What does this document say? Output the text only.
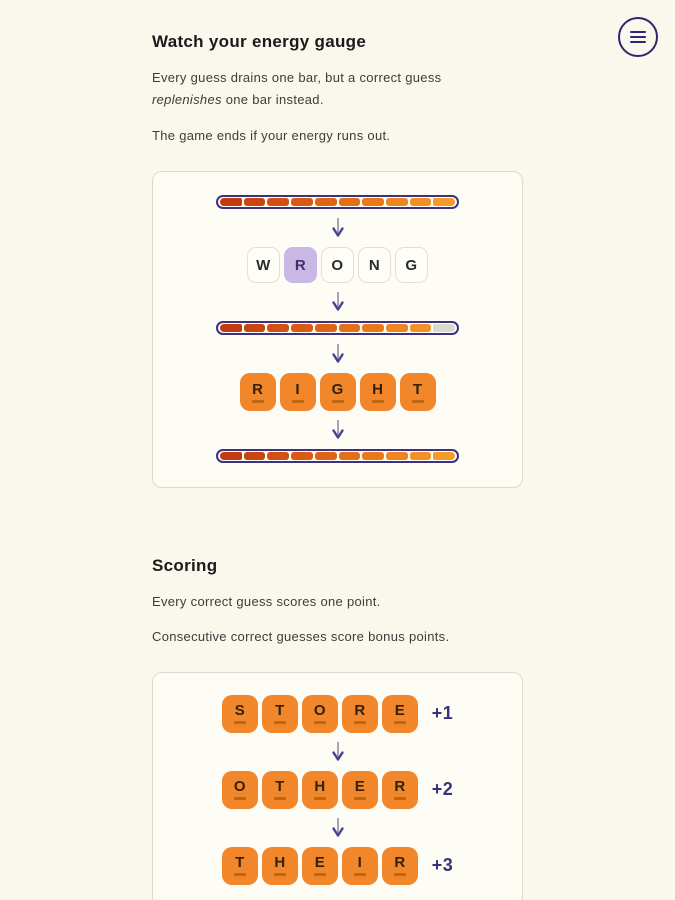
Watch your energy gauge

Every guess drains one bar, but a correct guess replenishes one bar instead.

The game ends if your energy runs out.

W	R	O	N	G
R I G H T
Scoring

Every correct guess scores one point.

Consecutive correct guesses score bonus points.

S T O R E +1
O T H E R +2
T H E I R +3
